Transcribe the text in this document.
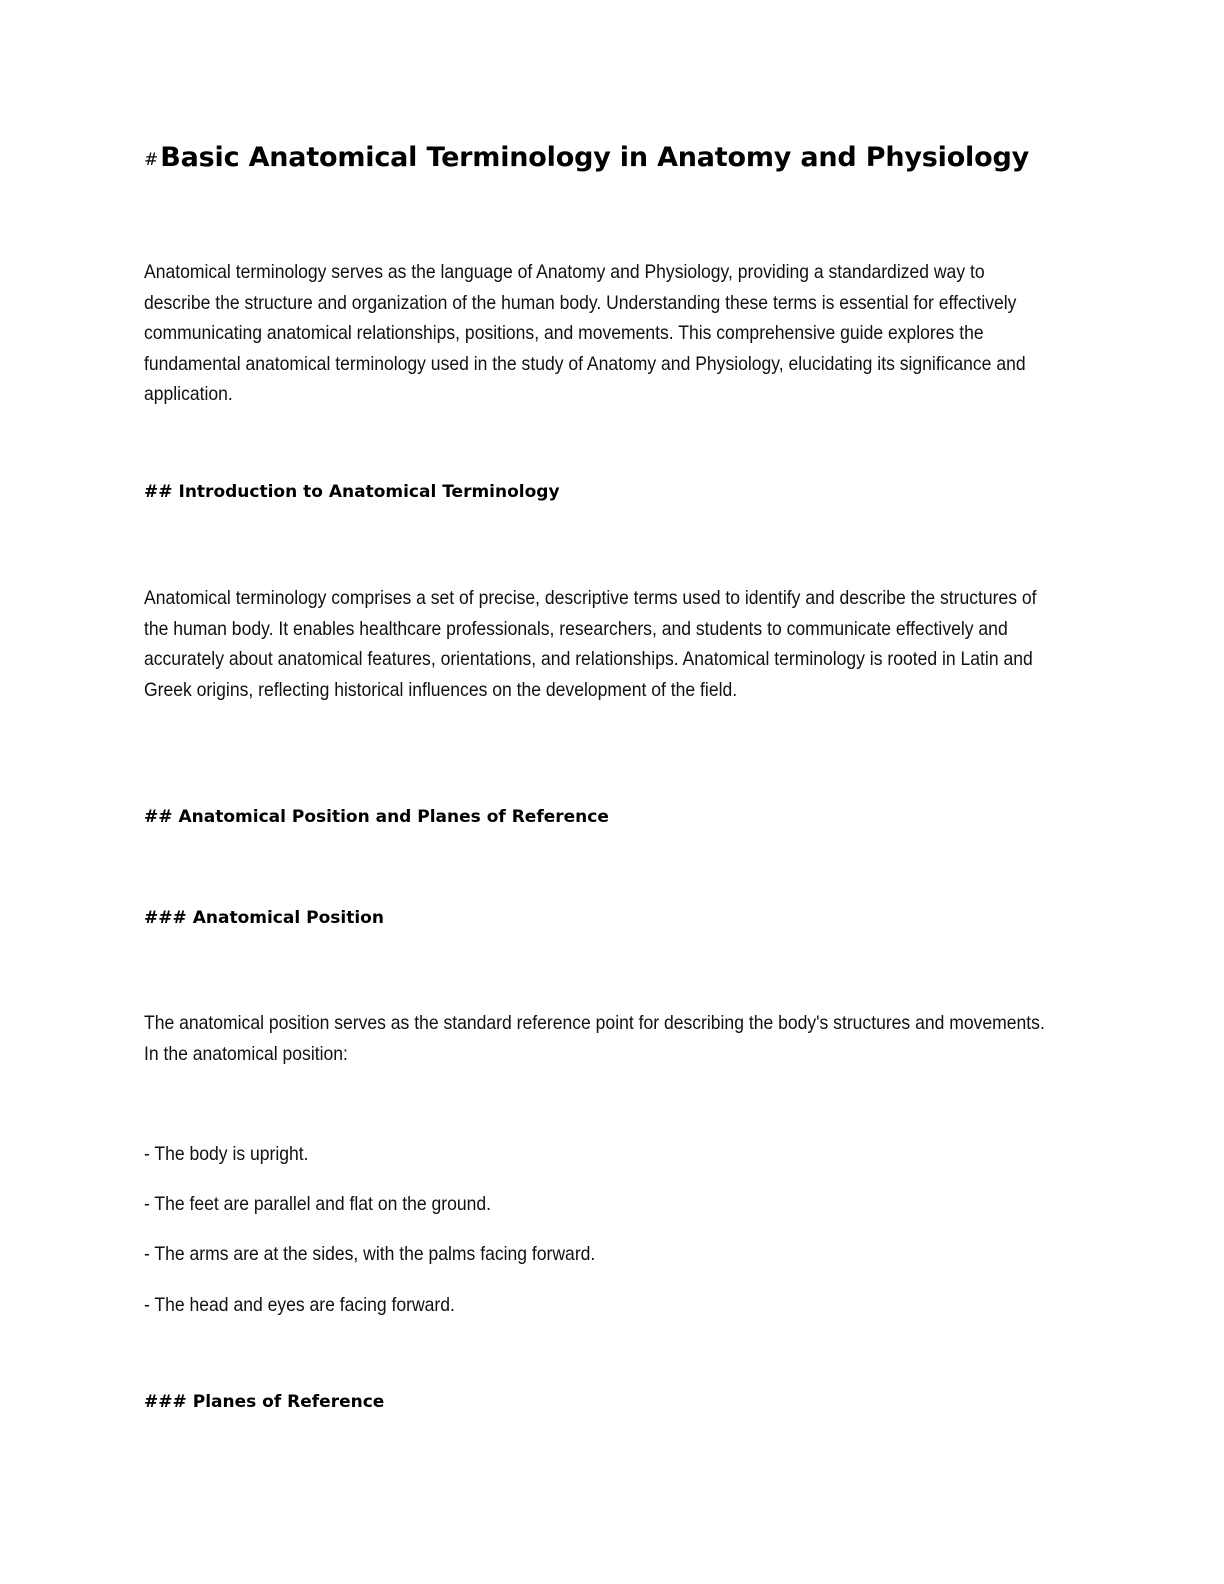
#Basic Anatomical Terminology in Anatomy and Physiology

Anatomical terminology serves as the language of Anatomy and Physiology, providing a standardized way to describe the structure and organization of the human body. Understanding these terms is essential for effectively communicating anatomical relationships, positions, and movements. This comprehensive guide explores the fundamental anatomical terminology used in the study of Anatomy and Physiology, elucidating its significance and application.

## Introduction to Anatomical Terminology

Anatomical terminology comprises a set of precise, descriptive terms used to identify and describe the structures of the human body. It enables healthcare professionals, researchers, and students to communicate effectively and accurately about anatomical features, orientations, and relationships. Anatomical terminology is rooted in Latin and Greek origins, reflecting historical influences on the development of the field.

## Anatomical Position and Planes of Reference
### Anatomical Position

The anatomical position serves as the standard reference point for describing the body's structures and movements. In the anatomical position:

- The body is upright.

- The feet are parallel and flat on the ground.

- The arms are at the sides, with the palms facing forward.

- The head and eyes are facing forward.

### Planes of Reference
